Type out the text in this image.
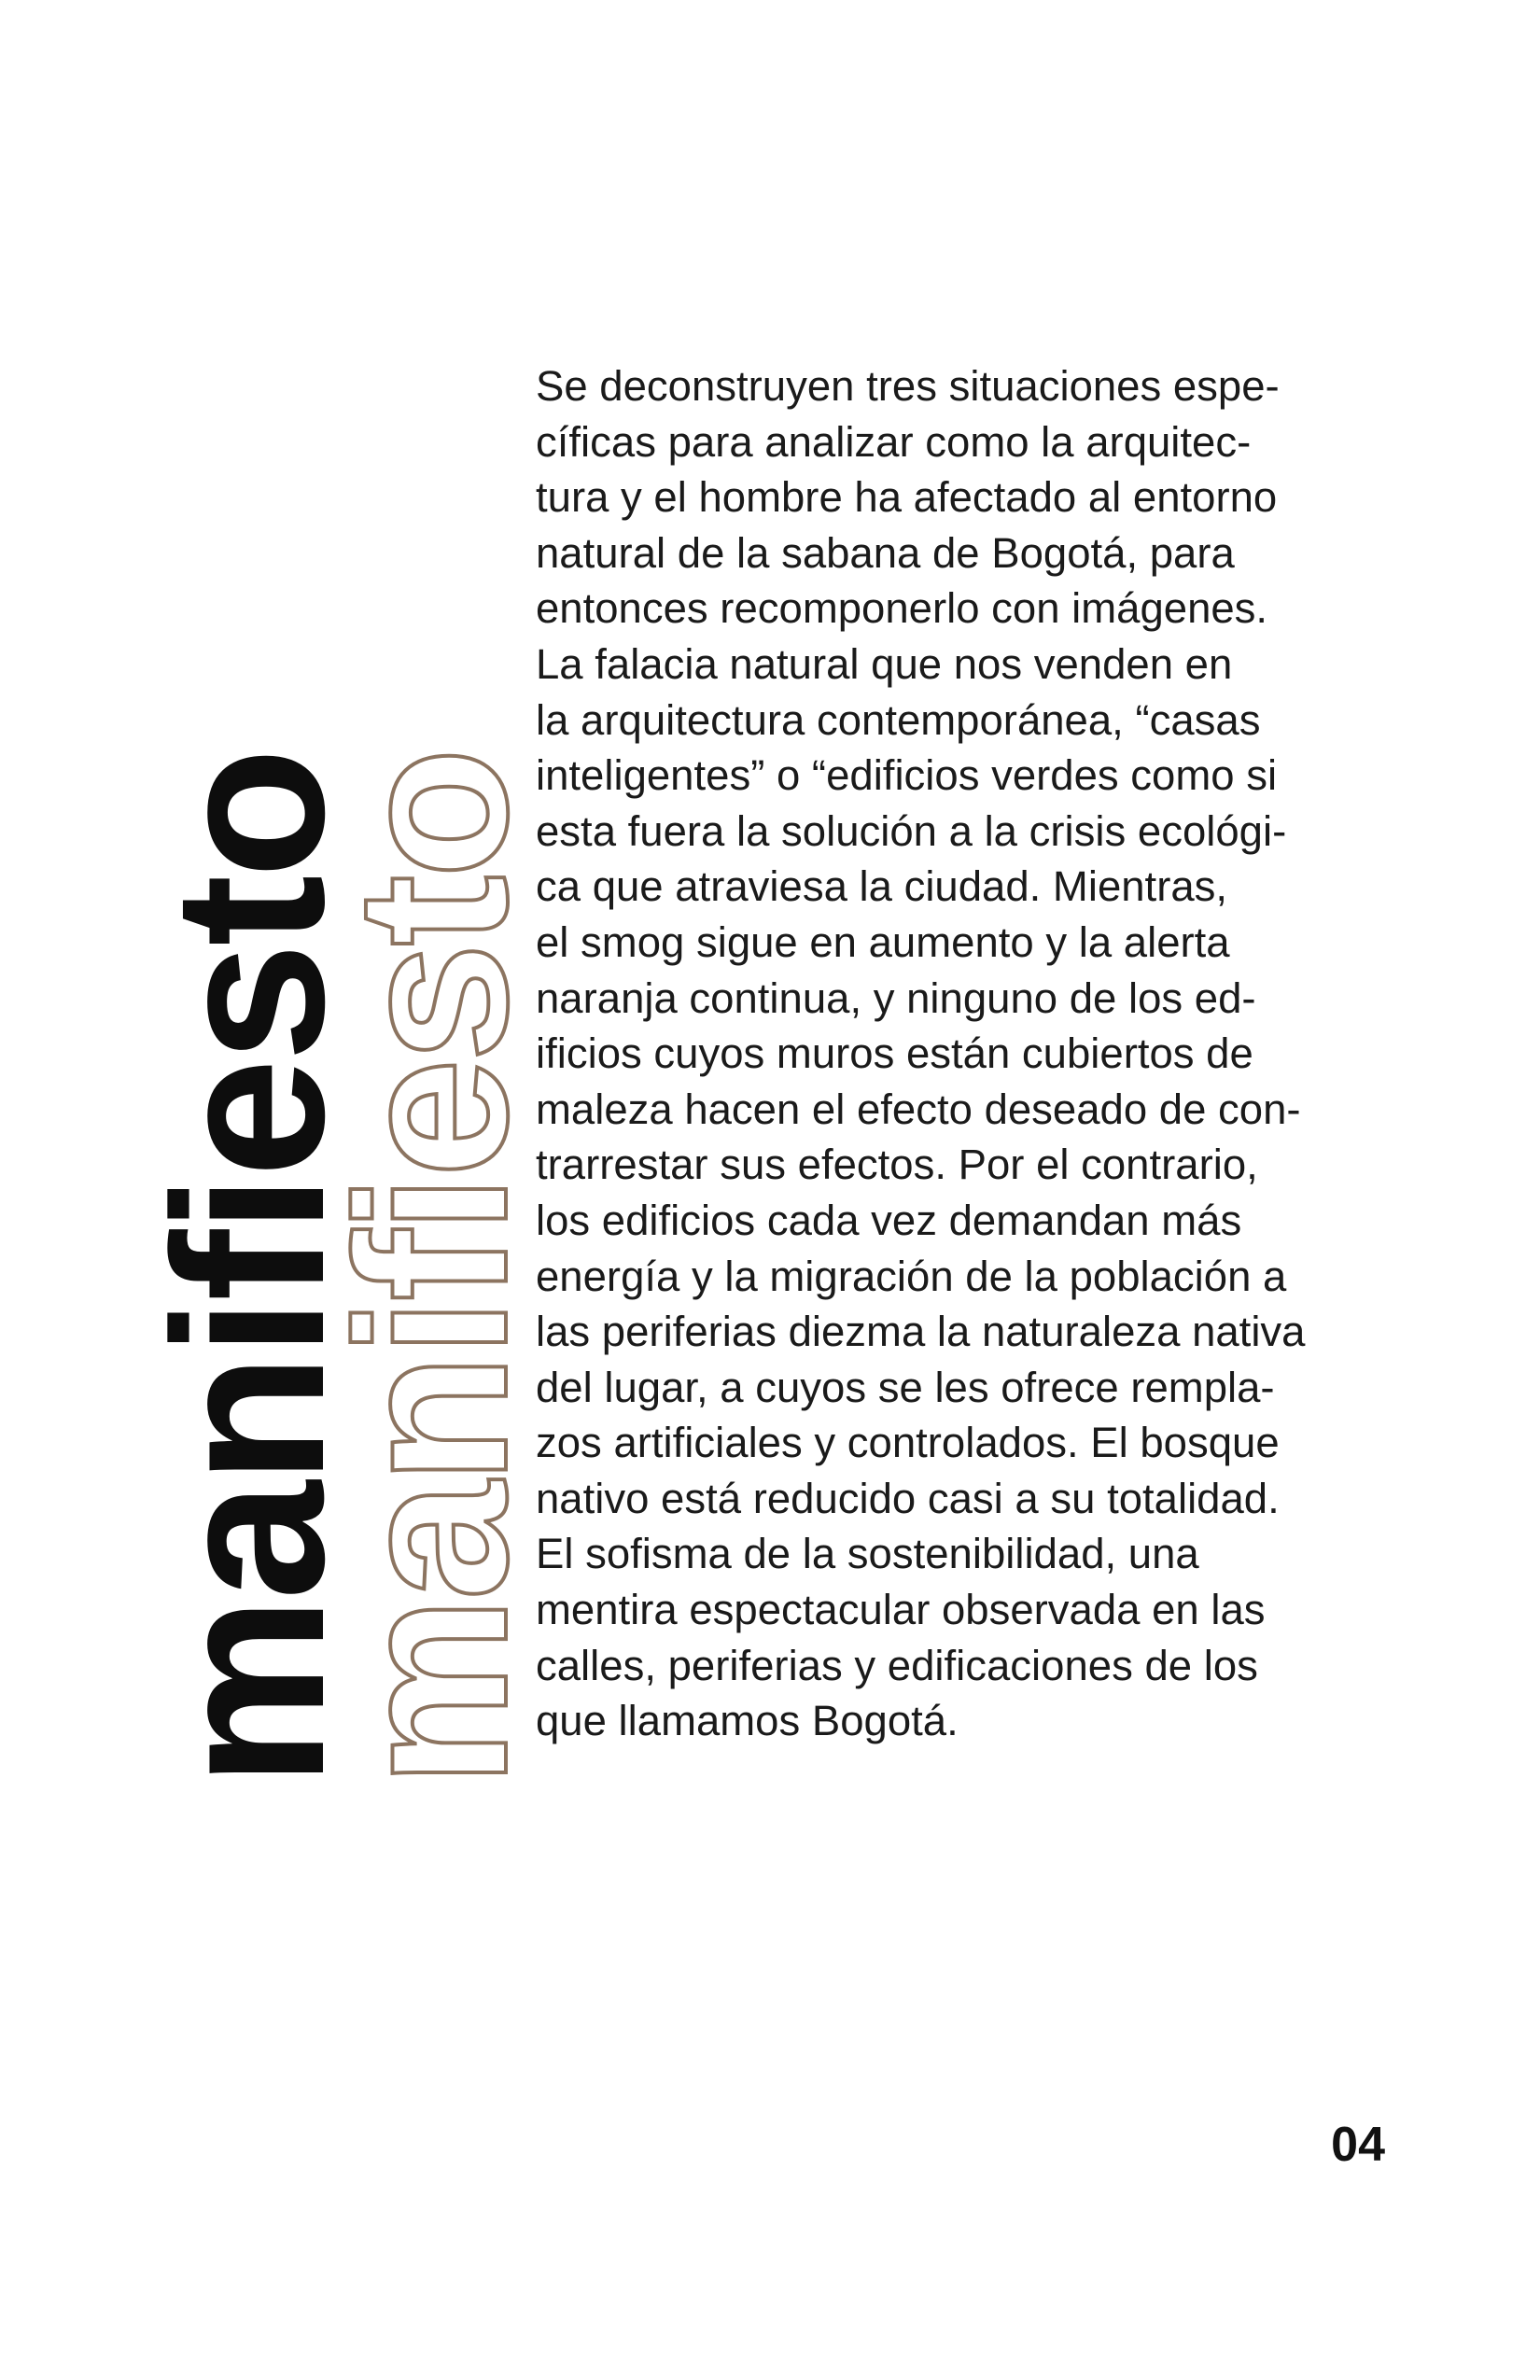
manifiesto
manifiesto
Se deconstruyen tres situaciones espe-
cíficas para analizar como la arquitec-
tura y el hombre ha afectado al entorno
natural de la sabana de Bogotá, para
entonces recomponerlo con imágenes.
La falacia natural que nos venden en
la arquitectura contemporánea, “casas
inteligentes” o “edificios verdes como si
esta fuera la solución a la crisis ecológi-
ca que atraviesa la ciudad. Mientras,
el smog sigue en aumento y la alerta
naranja continua, y ninguno de los ed-
ificios cuyos muros están cubiertos de
maleza hacen el efecto deseado de con-
trarrestar sus efectos. Por el contrario,
los edificios cada vez demandan más
energía y la migración de la población a
las periferias diezma la naturaleza nativa
del lugar, a cuyos se les ofrece rempla-
zos artificiales y controlados. El bosque
nativo está reducido casi a su totalidad.
El sofisma de la sostenibilidad, una
mentira espectacular observada en las
calles, periferias y edificaciones de los
que llamamos Bogotá.
04
